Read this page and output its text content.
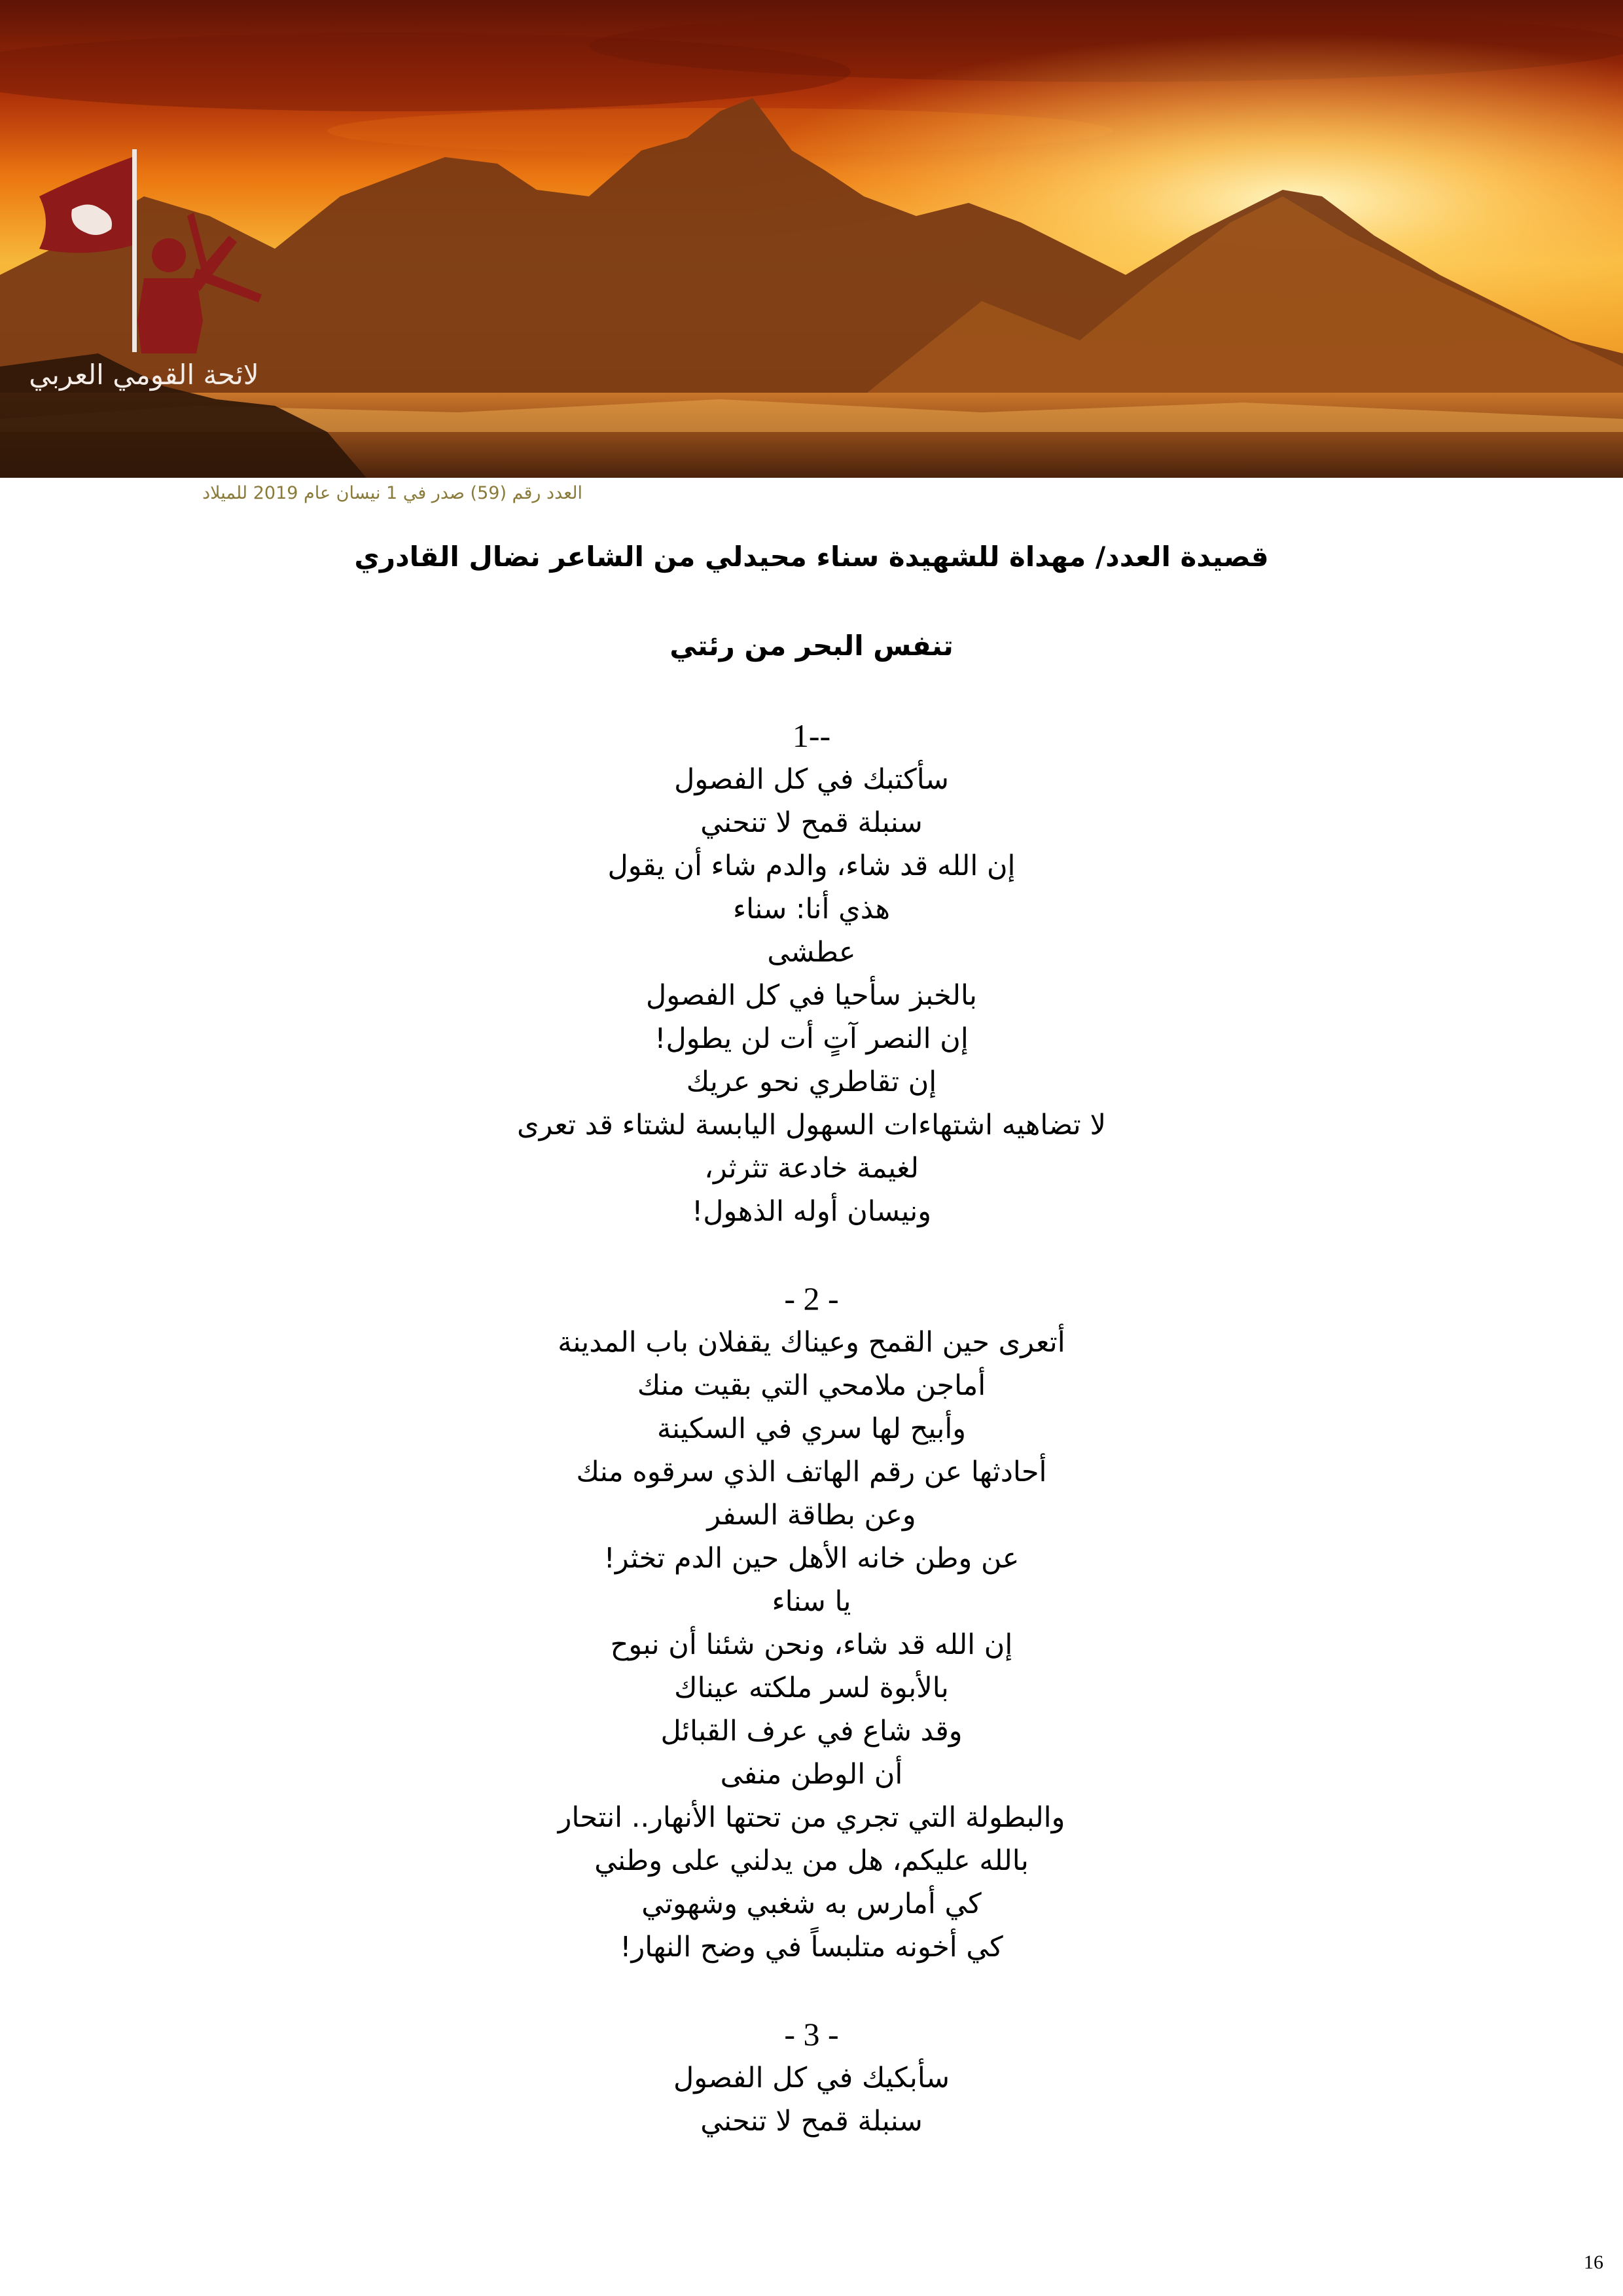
لائحة القومي العربي
العدد رقم (59) صدر في 1 نيسان عام 2019 للميلاد
قصيدة العدد/ مهداة للشهيدة سناء محيدلي من الشاعر نضال القادري
تنفس البحر من رئتي
1--
سأكتبك في كل الفصول
سنبلة قمح لا تنحني
إن الله قد شاء، والدم شاء أن يقول
هذي أنا: سناء
عطشى
بالخبز سأحيا في كل الفصول
إن النصر آتٍ أت لن يطول!
إن تقاطري نحو عريك
لا تضاهيه اشتهاءات السهول اليابسة لشتاء قد تعرى
لغيمة خادعة تثرثر،
ونيسان أوله الذهول!
- 2 -
أتعرى حين القمح وعيناك يقفلان باب المدينة
أماجن ملامحي التي بقيت منك
وأبيح لها سري في السكينة
أحادثها عن رقم الهاتف الذي سرقوه منك
وعن بطاقة السفر
عن وطن خانه الأهل حين الدم تخثر!
يا سناء
إن الله قد شاء، ونحن شئنا أن نبوح
بالأبوة لسر ملكته عيناك
وقد شاع في عرف القبائل
أن الوطن منفى
والبطولة التي تجري من تحتها الأنهار.. انتحار
بالله عليكم، هل من يدلني على وطني
كي أمارس به شغبي وشهوتي
كي أخونه متلبساً في وضح النهار!
- 3 -
سأبكيك في كل الفصول
سنبلة قمح لا تنحني
16
